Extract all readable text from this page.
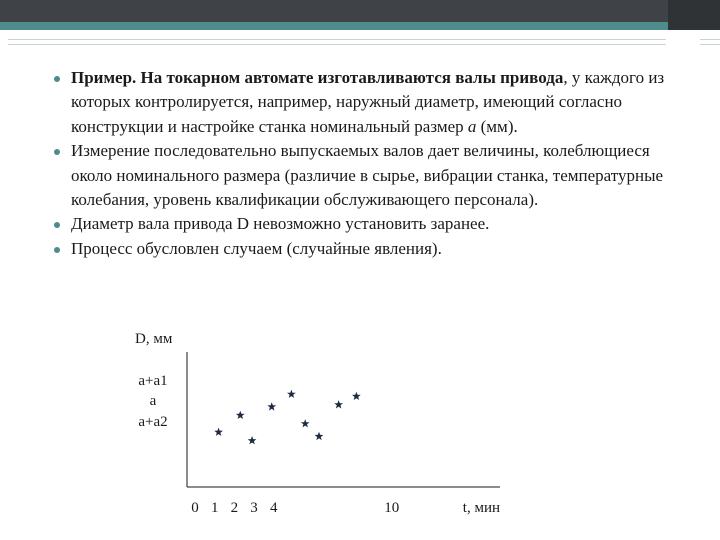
Пример. На токарном автомате изготавливаются валы привода, у каждого из которых контролируется, например, наружный диаметр, имеющий согласно конструкции и настройке станка номинальный размер a (мм).
Измерение последовательно выпускаемых валов дает величины, колеблющиеся около номинального размера (различие в сырье, вибрации станка, температурные колебания, уровень квалификации обслуживающего персонала).
Диаметр вала привода D невозможно установить заранее.
Процесс обусловлен случаем (случайные явления).
D, мм
t, мин
a+a1
a
a+a2
0 1 2 3 4	10
